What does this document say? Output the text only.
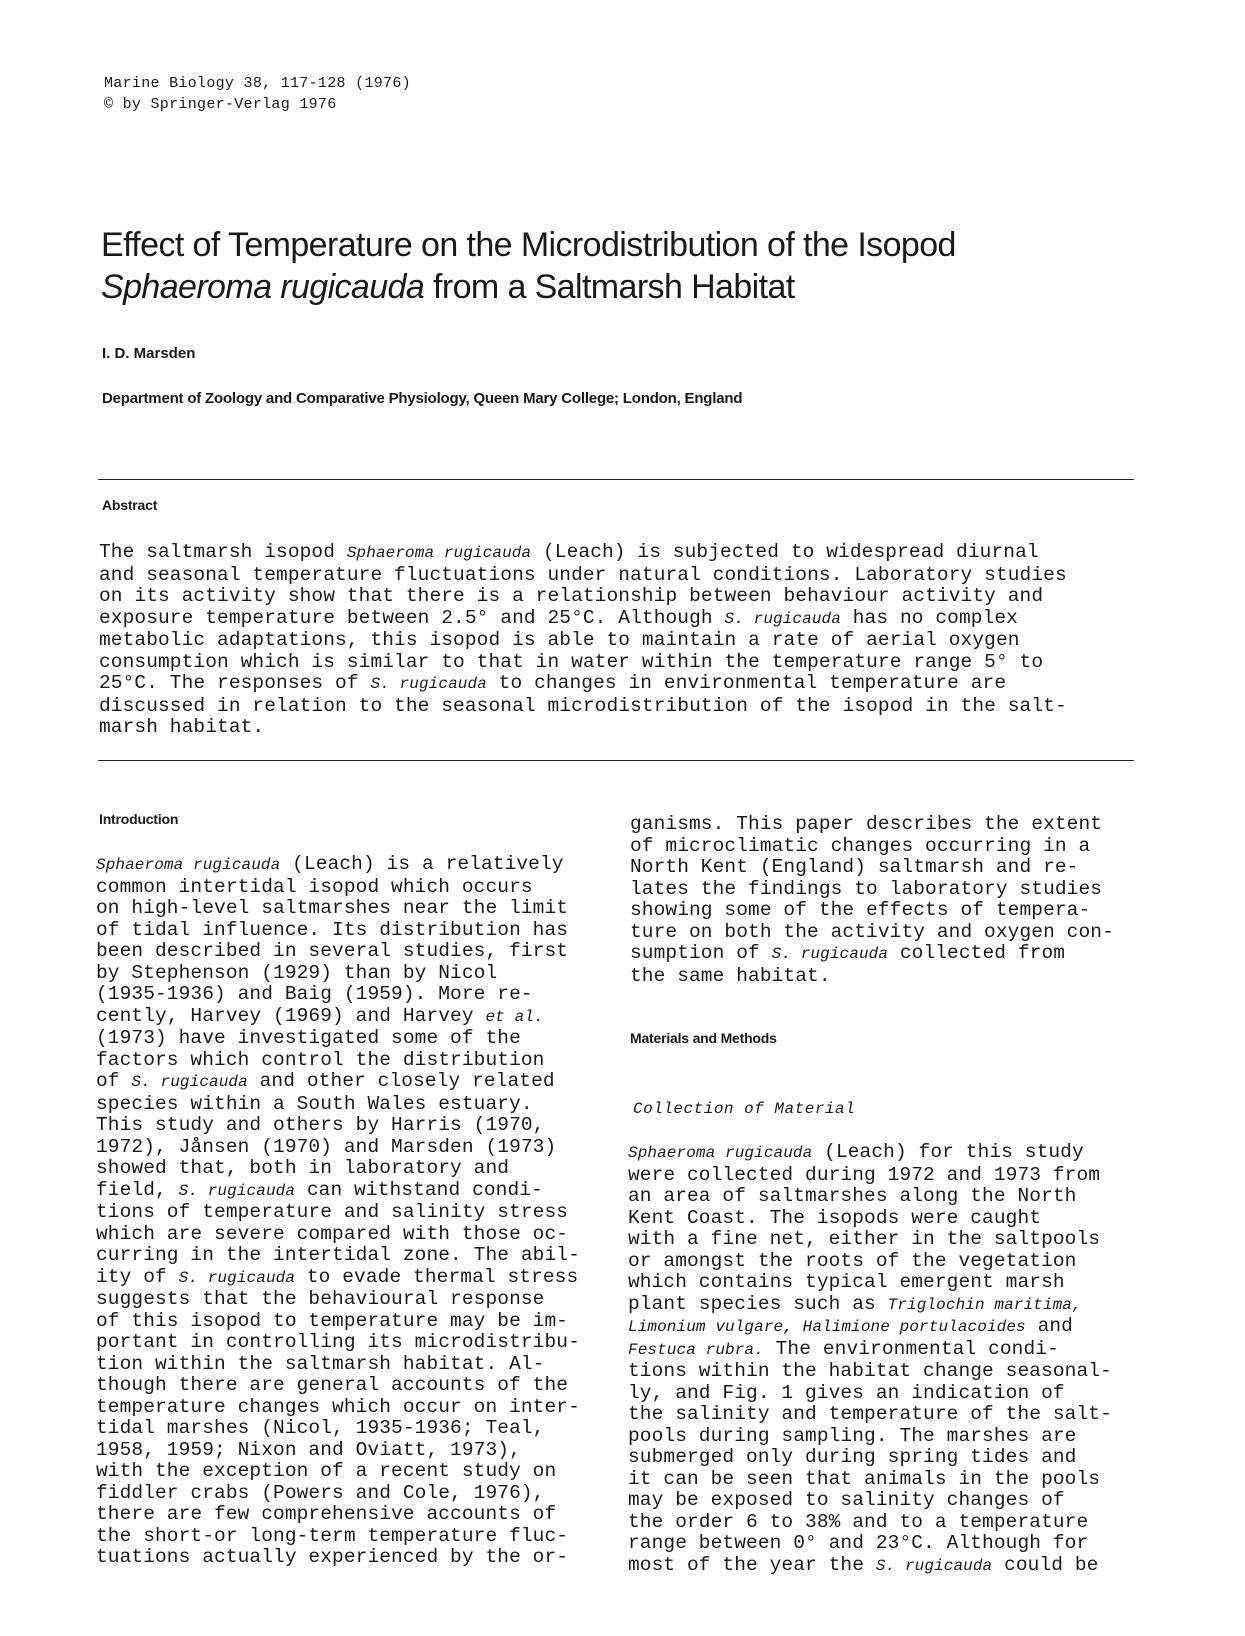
Marine Biology 38, 117-128 (1976)
© by Springer-Verlag 1976
Effect of Temperature on the Microdistribution of the Isopod
Sphaeroma rugicauda from a Saltmarsh Habitat
I. D. Marsden
Department of Zoology and Comparative Physiology, Queen Mary College; London, England
Abstract
The saltmarsh isopod Sphaeroma rugicauda (Leach) is subjected to widespread diurnal
and seasonal temperature fluctuations under natural conditions. Laboratory studies
on its activity show that there is a relationship between behaviour activity and
exposure temperature between 2.5° and 25°C. Although S. rugicauda has no complex
metabolic adaptations, this isopod is able to maintain a rate of aerial oxygen
consumption which is similar to that in water within the temperature range 5° to
25°C. The responses of S. rugicauda to changes in environmental temperature are
discussed in relation to the seasonal microdistribution of the isopod in the salt-
marsh habitat.
Introduction
Sphaeroma rugicauda (Leach) is a relatively
common intertidal isopod which occurs
on high-level saltmarshes near the limit
of tidal influence. Its distribution has
been described in several studies, first
by Stephenson (1929) than by Nicol
(1935-1936) and Baig (1959). More re-
cently, Harvey (1969) and Harvey et al.
(1973) have investigated some of the
factors which control the distribution
of S. rugicauda and other closely related
species within a South Wales estuary.
This study and others by Harris (1970,
1972), Jånsen (1970) and Marsden (1973)
showed that, both in laboratory and
field, S. rugicauda can withstand condi-
tions of temperature and salinity stress
which are severe compared with those oc-
curring in the intertidal zone. The abil-
ity of S. rugicauda to evade thermal stress
suggests that the behavioural response
of this isopod to temperature may be im-
portant in controlling its microdistribu-
tion within the saltmarsh habitat. Al-
though there are general accounts of the
temperature changes which occur on inter-
tidal marshes (Nicol, 1935-1936; Teal,
1958, 1959; Nixon and Oviatt, 1973),
with the exception of a recent study on
fiddler crabs (Powers and Cole, 1976),
there are few comprehensive accounts of
the short-or long-term temperature fluc-
tuations actually experienced by the or-
ganisms. This paper describes the extent
of microclimatic changes occurring in a
North Kent (England) saltmarsh and re-
lates the findings to laboratory studies
showing some of the effects of tempera-
ture on both the activity and oxygen con-
sumption of S. rugicauda collected from
the same habitat.
Materials and Methods
Collection of Material
Sphaeroma rugicauda (Leach) for this study
were collected during 1972 and 1973 from
an area of saltmarshes along the North
Kent Coast. The isopods were caught
with a fine net, either in the saltpools
or amongst the roots of the vegetation
which contains typical emergent marsh
plant species such as Triglochin maritima,
Limonium vulgare, Halimione portulacoides and
Festuca rubra. The environmental condi-
tions within the habitat change seasonal-
ly, and Fig. 1 gives an indication of
the salinity and temperature of the salt-
pools during sampling. The marshes are
submerged only during spring tides and
it can be seen that animals in the pools
may be exposed to salinity changes of
the order 6 to 38% and to a temperature
range between 0° and 23°C. Although for
most of the year the S. rugicauda could be
